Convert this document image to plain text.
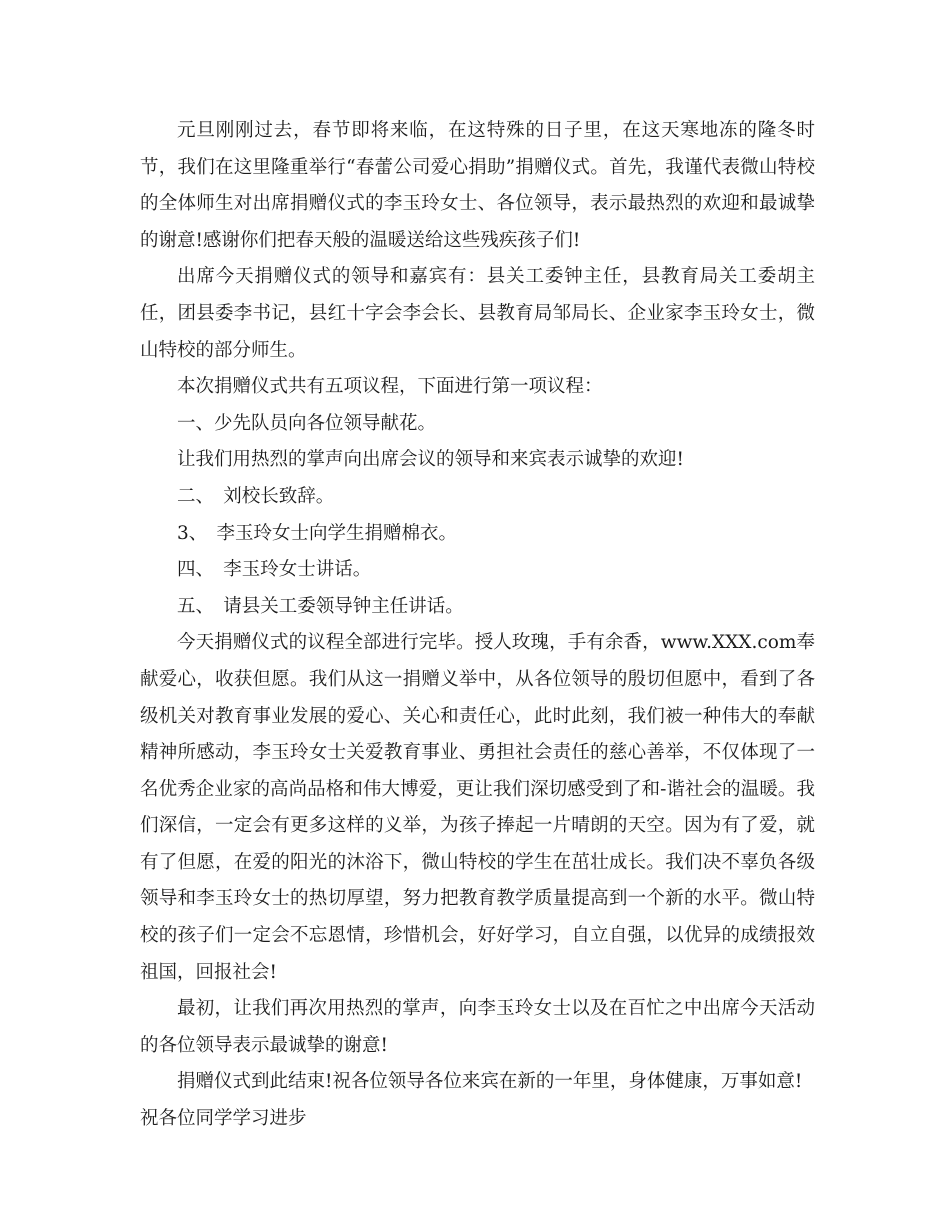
元旦刚刚过去，春节即将来临，在这特殊的日子里，在这天寒地冻的隆冬时节，我们在这里隆重举行“春蕾公司爱心捐助”捐赠仪式。首先，我谨代表微山特校的全体师生对出席捐赠仪式的李玉玲女士、各位领导，表示最热烈的欢迎和最诚挚的谢意!感谢你们把春天般的温暖送给这些残疾孩子们!

出席今天捐赠仪式的领导和嘉宾有：县关工委钟主任，县教育局关工委胡主任，团县委李书记，县红十字会李会长、县教育局邹局长、企业家李玉玲女士，微山特校的部分师生。

本次捐赠仪式共有五项议程，下面进行第一项议程：

一、少先队员向各位领导献花。

让我们用热烈的掌声向出席会议的领导和来宾表示诚挚的欢迎!

二、　刘校长致辞。

3、　李玉玲女士向学生捐赠棉衣。

四、　李玉玲女士讲话。

五、　请县关工委领导钟主任讲话。

今天捐赠仪式的议程全部进行完毕。授人玫瑰，手有余香，www.XXX.com奉献爱心，收获但愿。我们从这一捐赠义举中，从各位领导的殷切但愿中，看到了各级机关对教育事业发展的爱心、关心和责任心，此时此刻，我们被一种伟大的奉献精神所感动，李玉玲女士关爱教育事业、勇担社会责任的慈心善举，不仅体现了一名优秀企业家的高尚品格和伟大博爱，更让我们深切感受到了和-谐社会的温暖。我们深信，一定会有更多这样的义举，为孩子捧起一片晴朗的天空。因为有了爱，就有了但愿，在爱的阳光的沐浴下，微山特校的学生在茁壮成长。我们决不辜负各级领导和李玉玲女士的热切厚望，努力把教育教学质量提高到一个新的水平。微山特校的孩子们一定会不忘恩情，珍惜机会，好好学习，自立自强，以优异的成绩报效祖国，回报社会!

最初，让我们再次用热烈的掌声，向李玉玲女士以及在百忙之中出席今天活动的各位领导表示最诚挚的谢意!

捐赠仪式到此结束!祝各位领导各位来宾在新的一年里，身体健康，万事如意!

祝各位同学学习进步
